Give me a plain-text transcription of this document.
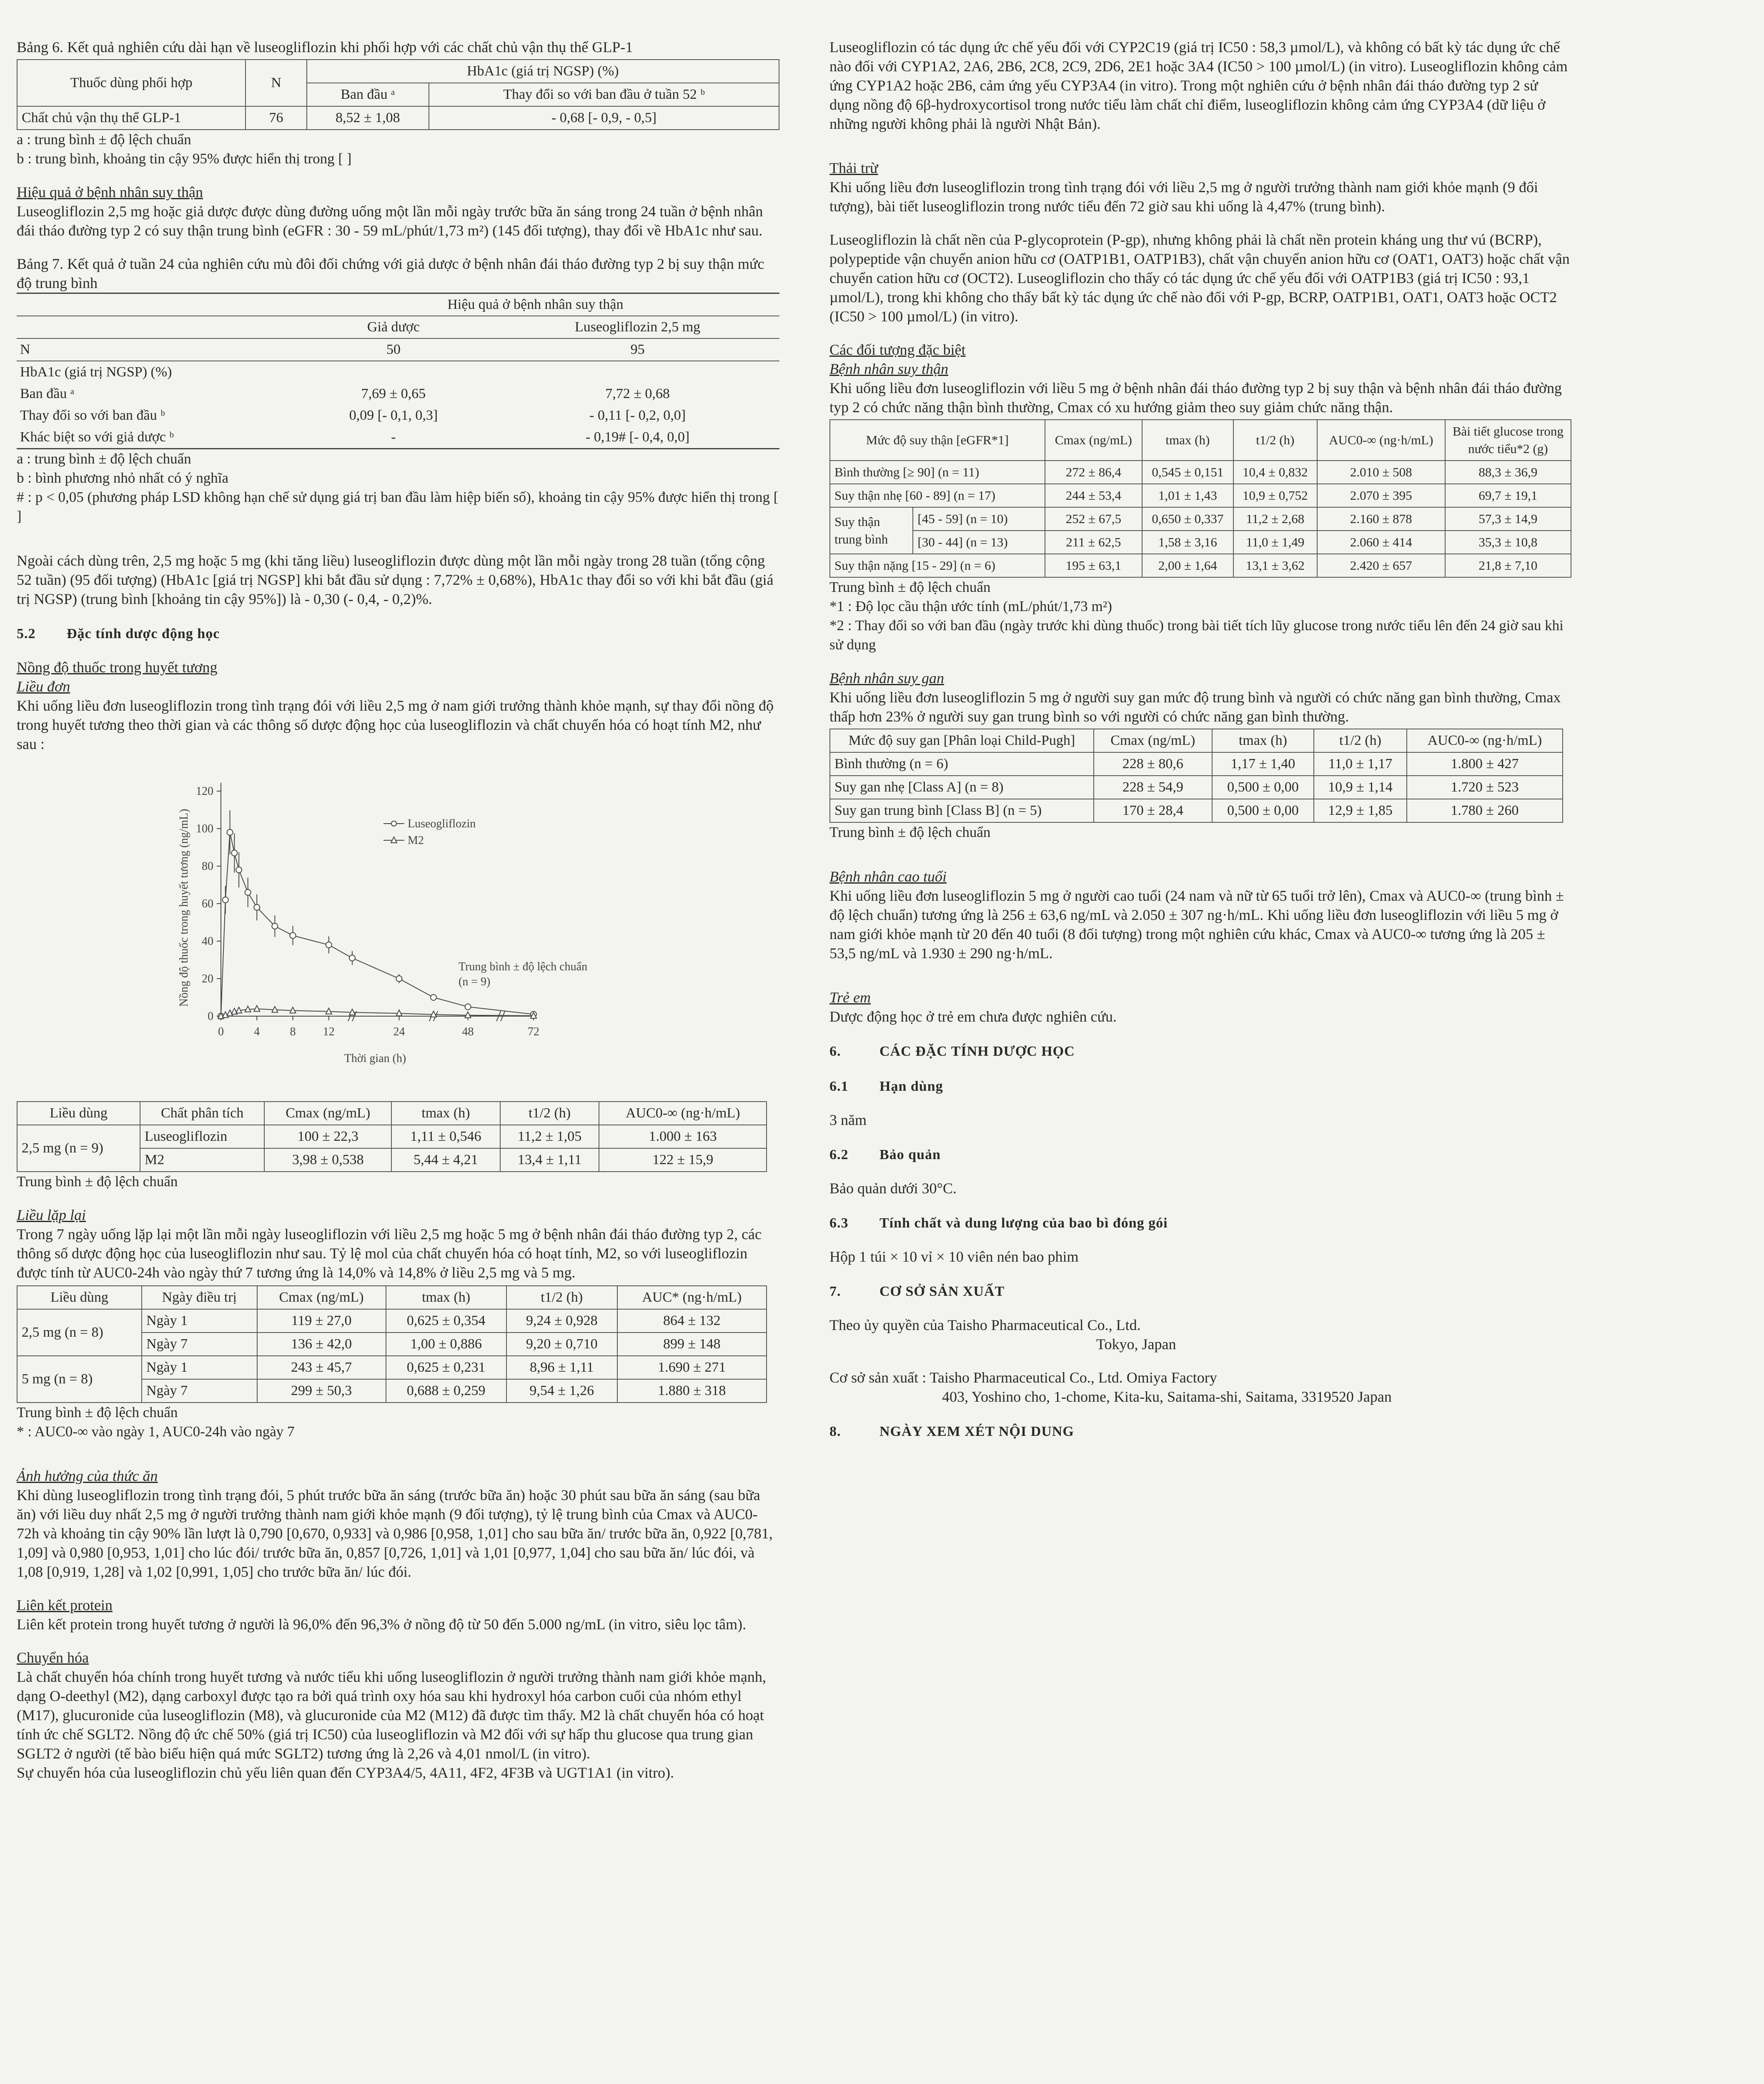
Bảng 6. Kết quả nghiên cứu dài hạn về luseogliflozin khi phối hợp với các chất chủ vận thụ thể GLP-1

Thuốc dùng phối hợp	N	HbA1c (giá trị NGSP) (%)	
		Ban đầu ᵃ	Thay đổi so với ban đầu ở tuần 52 ᵇ
Chất chủ vận thụ thể GLP-1	76	8,52 ± 1,08	- 0,68 [- 0,9, - 0,5]

a : trung bình ± độ lệch chuẩn

b : trung bình, khoảng tin cậy 95% được hiển thị trong [ ]

Hiệu quả ở bệnh nhân suy thận

Luseogliflozin 2,5 mg hoặc giả dược được dùng đường uống một lần mỗi ngày trước bữa ăn sáng trong 24 tuần ở bệnh nhân đái tháo đường typ 2 có suy thận trung bình (eGFR : 30 - 59 mL/phút/1,73 m²) (145 đối tượng), thay đổi về HbA1c như sau.

Bảng 7. Kết quả ở tuần 24 của nghiên cứu mù đôi đối chứng với giả dược ở bệnh nhân đái tháo đường typ 2 bị suy thận mức độ trung bình

	Hiệu quả ở bệnh nhân suy thận	
	Giả dược	Luseogliflozin 2,5 mg
N	50	95
HbA1c (giá trị NGSP) (%)		
Ban đầu ᵃ	7,69 ± 0,65	7,72 ± 0,68
Thay đổi so với ban đầu ᵇ	0,09 [- 0,1, 0,3]	- 0,11 [- 0,2, 0,0]
Khác biệt so với giả dược ᵇ	-	- 0,19# [- 0,4, 0,0]

a : trung bình ± độ lệch chuẩn

b : bình phương nhỏ nhất có ý nghĩa

# : p < 0,05 (phương pháp LSD không hạn chế sử dụng giá trị ban đầu làm hiệp biến số), khoảng tin cậy 95% được hiển thị trong [ ]

Ngoài cách dùng trên, 2,5 mg hoặc 5 mg (khi tăng liều) luseogliflozin được dùng một lần mỗi ngày trong 28 tuần (tổng cộng 52 tuần) (95 đối tượng) (HbA1c [giá trị NGSP] khi bắt đầu sử dụng : 7,72% ± 0,68%), HbA1c thay đổi so với khi bắt đầu (giá trị NGSP) (trung bình [khoảng tin cậy 95%]) là - 0,30 (- 0,4, - 0,2)%.

5.2 Đặc tính dược động học

Nồng độ thuốc trong huyết tương

Liều đơn

Khi uống liều đơn luseogliflozin trong tình trạng đói với liều 2,5 mg ở nam giới trưởng thành khỏe mạnh, sự thay đổi nồng độ trong huyết tương theo thời gian và các thông số dược động học của luseogliflozin và chất chuyển hóa có hoạt tính M2, như sau :

0
20
40
60
80
100
120
0	4	8 12	24	48	72
Nồng độ thuốc trong huyết tương (ng/mL)
Thời gian (h)
Luseogliflozin
M2
Trung bình ± độ lệch chuẩn (n = 9)
Liều dùng	Chất phân tích	Cmax (ng/mL)	tmax (h)	t1/2 (h)	AUC0-∞ (ng·h/mL)
2,5 mg (n = 9)	Luseogliflozin	100 ± 22,3	1,11 ± 0,546	11,2 ± 1,05	1.000 ± 163
	M2	3,98 ± 0,538	5,44 ± 4,21	13,4 ± 1,11	122 ± 15,9

Trung bình ± độ lệch chuẩn

Liều lặp lại

Trong 7 ngày uống lặp lại một lần mỗi ngày luseogliflozin với liều 2,5 mg hoặc 5 mg ở bệnh nhân đái tháo đường typ 2, các thông số dược động học của luseogliflozin như sau. Tỷ lệ mol của chất chuyển hóa có hoạt tính, M2, so với luseogliflozin được tính từ AUC0-24h vào ngày thứ 7 tương ứng là 14,0% và 14,8% ở liều 2,5 mg và 5 mg.

Liều dùng	Ngày điều trị	Cmax (ng/mL)	tmax (h)	t1/2 (h)	AUC* (ng·h/mL)
2,5 mg (n = 8)	Ngày 1	119 ± 27,0	0,625 ± 0,354	9,24 ± 0,928	864 ± 132
	Ngày 7	136 ± 42,0	1,00 ± 0,886	9,20 ± 0,710	899 ± 148
5 mg (n = 8)	Ngày 1	243 ± 45,7	0,625 ± 0,231	8,96 ± 1,11	1.690 ± 271
	Ngày 7	299 ± 50,3	0,688 ± 0,259	9,54 ± 1,26	1.880 ± 318

Trung bình ± độ lệch chuẩn

* : AUC0-∞ vào ngày 1, AUC0-24h vào ngày 7

Ảnh hưởng của thức ăn

Khi dùng luseogliflozin trong tình trạng đói, 5 phút trước bữa ăn sáng (trước bữa ăn) hoặc 30 phút sau bữa ăn sáng (sau bữa ăn) với liều duy nhất 2,5 mg ở người trưởng thành nam giới khỏe mạnh (9 đối tượng), tỷ lệ trung bình của Cmax và AUC0-72h và khoảng tin cậy 90% lần lượt là 0,790 [0,670, 0,933] và 0,986 [0,958, 1,01] cho sau bữa ăn/ trước bữa ăn, 0,922 [0,781, 1,09] và 0,980 [0,953, 1,01] cho lúc đói/ trước bữa ăn, 0,857 [0,726, 1,01] và 1,01 [0,977, 1,04] cho sau bữa ăn/ lúc đói, và 1,08 [0,919, 1,28] và 1,02 [0,991, 1,05] cho trước bữa ăn/ lúc đói.

Liên kết protein

Liên kết protein trong huyết tương ở người là 96,0% đến 96,3% ở nồng độ từ 50 đến 5.000 ng/mL (in vitro, siêu lọc tâm).

Chuyển hóa

Là chất chuyển hóa chính trong huyết tương và nước tiểu khi uống luseogliflozin ở người trưởng thành nam giới khỏe mạnh, dạng O-deethyl (M2), dạng carboxyl được tạo ra bởi quá trình oxy hóa sau khi hydroxyl hóa carbon cuối của nhóm ethyl (M17), glucuronide của luseogliflozin (M8), và glucuronide của M2 (M12) đã được tìm thấy. M2 là chất chuyển hóa có hoạt tính ức chế SGLT2. Nồng độ ức chế 50% (giá trị IC50) của luseogliflozin và M2 đối với sự hấp thu glucose qua trung gian SGLT2 ở người (tế bào biểu hiện quá mức SGLT2) tương ứng là 2,26 và 4,01 nmol/L (in vitro).

Sự chuyển hóa của luseogliflozin chủ yếu liên quan đến CYP3A4/5, 4A11, 4F2, 4F3B và UGT1A1 (in vitro).

Luseogliflozin có tác dụng ức chế yếu đối với CYP2C19 (giá trị IC50 : 58,3 µmol/L), và không có bất kỳ tác dụng ức chế nào đối với CYP1A2, 2A6, 2B6, 2C8, 2C9, 2D6, 2E1 hoặc 3A4 (IC50 > 100 µmol/L) (in vitro). Luseogliflozin không cảm ứng CYP1A2 hoặc 2B6, cảm ứng yếu CYP3A4 (in vitro). Trong một nghiên cứu ở bệnh nhân đái tháo đường typ 2 sử dụng nồng độ 6β-hydroxycortisol trong nước tiểu làm chất chỉ điểm, luseogliflozin không cảm ứng CYP3A4 (dữ liệu ở những người không phải là người Nhật Bản).

Thải trừ

Khi uống liều đơn luseogliflozin trong tình trạng đói với liều 2,5 mg ở người trưởng thành nam giới khỏe mạnh (9 đối tượng), bài tiết luseogliflozin trong nước tiểu đến 72 giờ sau khi uống là 4,47% (trung bình).

Luseogliflozin là chất nền của P-glycoprotein (P-gp), nhưng không phải là chất nền protein kháng ung thư vú (BCRP), polypeptide vận chuyển anion hữu cơ (OATP1B1, OATP1B3), chất vận chuyển anion hữu cơ (OAT1, OAT3) hoặc chất vận chuyển cation hữu cơ (OCT2). Luseogliflozin cho thấy có tác dụng ức chế yếu đối với OATP1B3 (giá trị IC50 : 93,1 µmol/L), trong khi không cho thấy bất kỳ tác dụng ức chế nào đối với P-gp, BCRP, OATP1B1, OAT1, OAT3 hoặc OCT2 (IC50 > 100 µmol/L) (in vitro).

Các đối tượng đặc biệt

Bệnh nhân suy thận

Khi uống liều đơn luseogliflozin với liều 5 mg ở bệnh nhân đái tháo đường typ 2 bị suy thận và bệnh nhân đái tháo đường typ 2 có chức năng thận bình thường, Cmax có xu hướng giảm theo suy giảm chức năng thận.

Mức độ suy thận [eGFR*1]		Cmax (ng/mL)	tmax (h)	t1/2 (h)	AUC0-∞ (ng·h/mL)	Bài tiết glucose trong nước tiểu*2 (g)
Bình thường [≥ 90] (n = 11)		272 ± 86,4	0,545 ± 0,151	10,4 ± 0,832	2.010 ± 508	88,3 ± 36,9
Suy thận nhẹ [60 - 89] (n = 17)		244 ± 53,4	1,01 ± 1,43	10,9 ± 0,752	2.070 ± 395	69,7 ± 19,1
Suy thận
trung bình	[45 - 59] (n = 10)	252 ± 67,5	0,650 ± 0,337	11,2 ± 2,68	2.160 ± 878	57,3 ± 14,9
	[30 - 44] (n = 13)	211 ± 62,5	1,58 ± 3,16	11,0 ± 1,49	2.060 ± 414	35,3 ± 10,8
Suy thận nặng [15 - 29] (n = 6)		195 ± 63,1	2,00 ± 1,64	13,1 ± 3,62	2.420 ± 657	21,8 ± 7,10

Trung bình ± độ lệch chuẩn

*1 : Độ lọc cầu thận ước tính (mL/phút/1,73 m²)

*2 : Thay đổi so với ban đầu (ngày trước khi dùng thuốc) trong bài tiết tích lũy glucose trong nước tiểu lên đến 24 giờ sau khi sử dụng

Bệnh nhân suy gan

Khi uống liều đơn luseogliflozin 5 mg ở người suy gan mức độ trung bình và người có chức năng gan bình thường, Cmax thấp hơn 23% ở người suy gan trung bình so với người có chức năng gan bình thường.

Mức độ suy gan [Phân loại Child-Pugh]	Cmax (ng/mL)	tmax (h)	t1/2 (h)	AUC0-∞ (ng·h/mL)
Bình thường (n = 6)	228 ± 80,6	1,17 ± 1,40	11,0 ± 1,17	1.800 ± 427
Suy gan nhẹ [Class A] (n = 8)	228 ± 54,9	0,500 ± 0,00	10,9 ± 1,14	1.720 ± 523
Suy gan trung bình [Class B] (n = 5)	170 ± 28,4	0,500 ± 0,00	12,9 ± 1,85	1.780 ± 260

Trung bình ± độ lệch chuẩn

Bệnh nhân cao tuổi

Khi uống liều đơn luseogliflozin 5 mg ở người cao tuổi (24 nam và nữ từ 65 tuổi trở lên), Cmax và AUC0-∞ (trung bình ± độ lệch chuẩn) tương ứng là 256 ± 63,6 ng/mL và 2.050 ± 307 ng·h/mL. Khi uống liều đơn luseogliflozin với liều 5 mg ở nam giới khỏe mạnh từ 20 đến 40 tuổi (8 đối tượng) trong một nghiên cứu khác, Cmax và AUC0-∞ tương ứng là 205 ± 53,5 ng/mL và 1.930 ± 290 ng·h/mL.

Trẻ em

Dược động học ở trẻ em chưa được nghiên cứu.

6.	CÁC ĐẶC TÍNH DƯỢC HỌC

6.1 Hạn dùng

3 năm

6.2 Bảo quản

Bảo quản dưới 30°C.

6.3 Tính chất và dung lượng của bao bì đóng gói

Hộp 1 túi × 10 vỉ × 10 viên nén bao phim

7.	CƠ SỞ SẢN XUẤT

Theo ủy quyền của Taisho Pharmaceutical Co., Ltd.

Tokyo, Japan

Cơ sở sản xuất : Taisho Pharmaceutical Co., Ltd. Omiya Factory

403, Yoshino cho, 1-chome, Kita-ku, Saitama-shi, Saitama, 3319520 Japan

8.	NGÀY XEM XÉT NỘI DUNG
